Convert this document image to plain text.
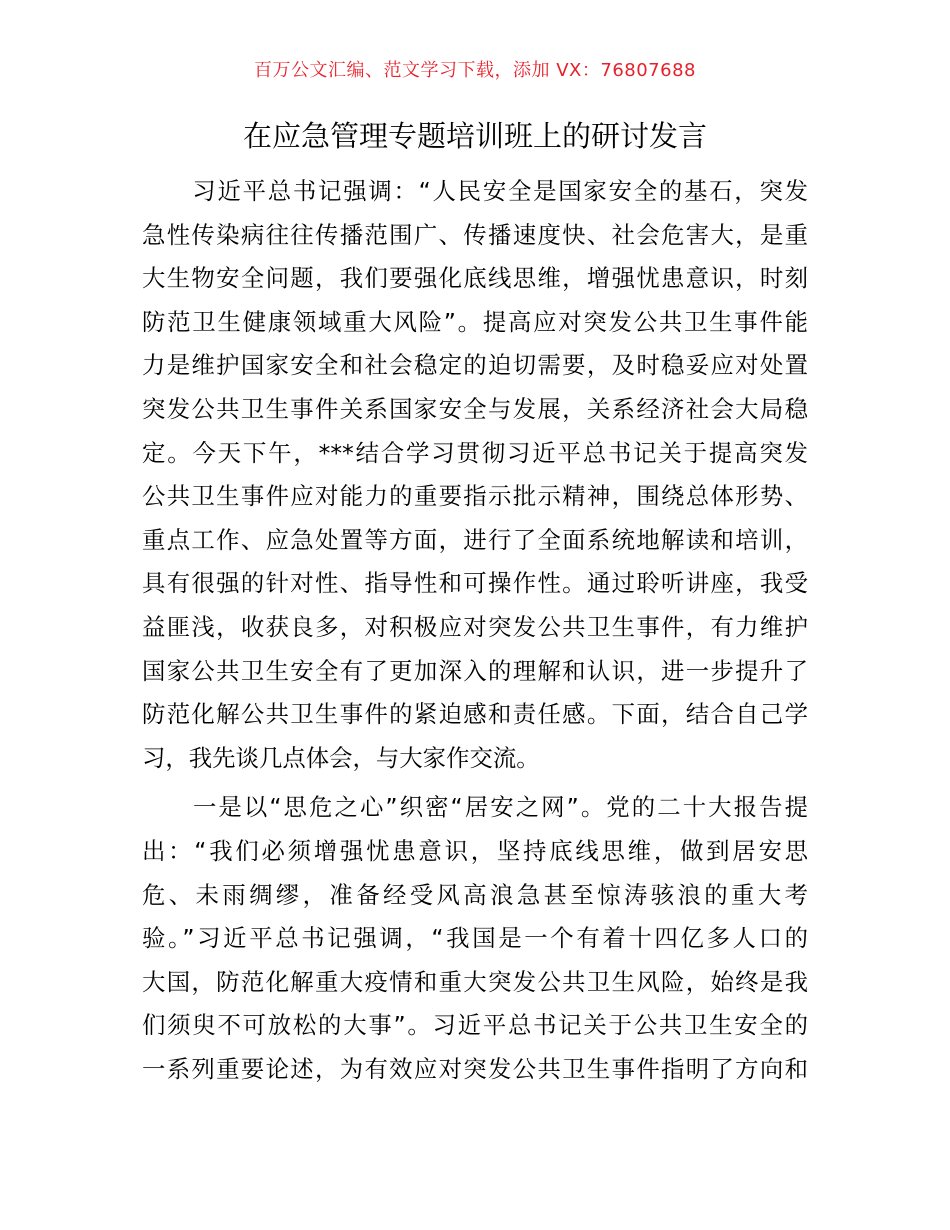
百万公文汇编、范文学习下载，添加 VX：76807688
在应急管理专题培训班上的研讨发言
　　习近平总书记强调：“人民安全是国家安全的基石，突发
急性传染病往往传播范围广、传播速度快、社会危害大，是重
大生物安全问题，我们要强化底线思维，增强忧患意识，时刻
防范卫生健康领域重大风险”。提高应对突发公共卫生事件能
力是维护国家安全和社会稳定的迫切需要，及时稳妥应对处置
突发公共卫生事件关系国家安全与发展，关系经济社会大局稳
定。今天下午，***结合学习贯彻习近平总书记关于提高突发
公共卫生事件应对能力的重要指示批示精神，围绕总体形势、
重点工作、应急处置等方面，进行了全面系统地解读和培训，
具有很强的针对性、指导性和可操作性。通过聆听讲座，我受
益匪浅，收获良多，对积极应对突发公共卫生事件，有力维护
国家公共卫生安全有了更加深入的理解和认识，进一步提升了
防范化解公共卫生事件的紧迫感和责任感。下面，结合自己学
习，我先谈几点体会，与大家作交流。
　　一是以“思危之心”织密“居安之网”。党的二十大报告提
出：“我们必须增强忧患意识，坚持底线思维，做到居安思
危、未雨绸缪，准备经受风高浪急甚至惊涛骇浪的重大考
验。”习近平总书记强调，“我国是一个有着十四亿多人口的
大国，防范化解重大疫情和重大突发公共卫生风险，始终是我
们须臾不可放松的大事”。习近平总书记关于公共卫生安全的
一系列重要论述，为有效应对突发公共卫生事件指明了方向和
